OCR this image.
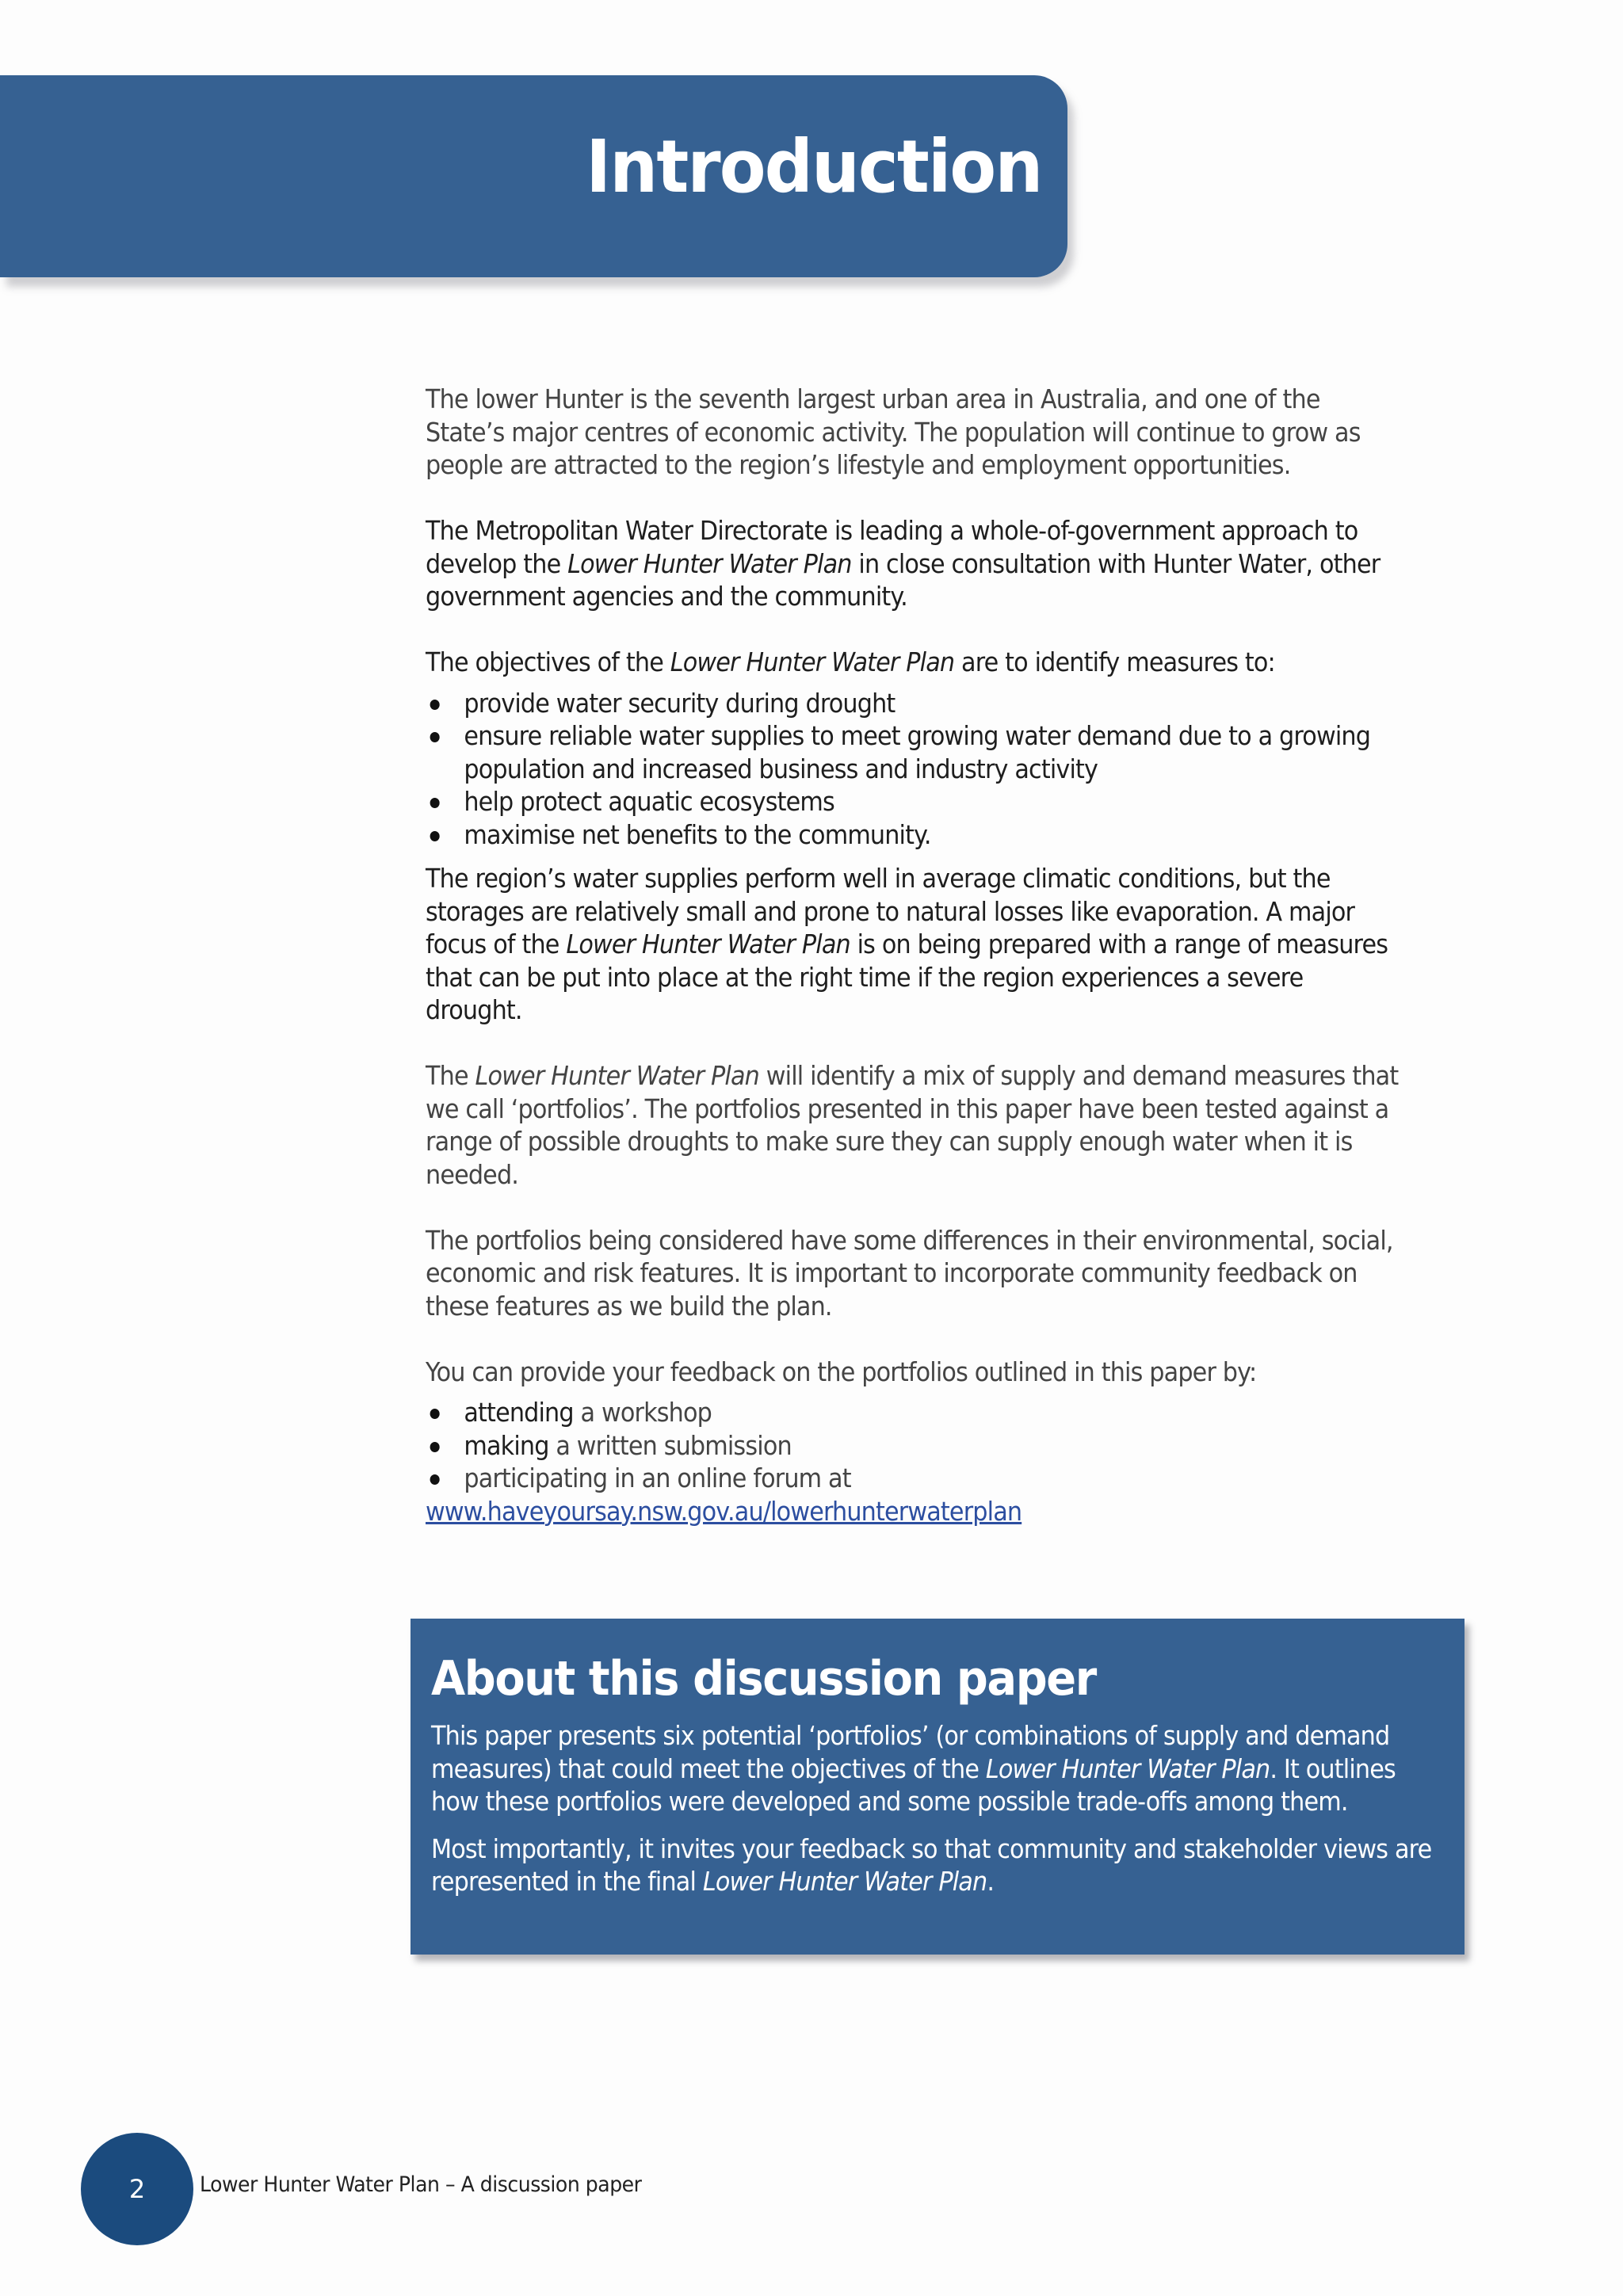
Introduction

The lower Hunter is the seventh largest urban area in Australia, and one of the State’s major centres of economic activity. The population will continue to grow as people are attracted to the region’s lifestyle and employment opportunities.

The Metropolitan Water Directorate is leading a whole-of-government approach to develop the Lower Hunter Water Plan in close consultation with Hunter Water, other government agencies and the community.

The objectives of the Lower Hunter Water Plan are to identify measures to:

provide water security during drought
ensure reliable water supplies to meet growing water demand due to a growing population and increased business and industry activity
help protect aquatic ecosystems
maximise net benefits to the community.

The region’s water supplies perform well in average climatic conditions, but the storages are relatively small and prone to natural losses like evaporation. A major focus of the Lower Hunter Water Plan is on being prepared with a range of measures that can be put into place at the right time if the region experiences a severe drought.

The Lower Hunter Water Plan will identify a mix of supply and demand measures that we call ‘portfolios’. The portfolios presented in this paper have been tested against a range of possible droughts to make sure they can supply enough water when it is needed.

The portfolios being considered have some differences in their environmental, social, economic and risk features. It is important to incorporate community feedback on these features as we build the plan.

You can provide your feedback on the portfolios outlined in this paper by:

attending a workshop
making a written submission
participating in an online forum at
www.haveyoursay.nsw.gov.au/lowerhunterwaterplan
About this discussion paper

This paper presents six potential ‘portfolios’ (or combinations of supply and demand measures) that could meet the objectives of the Lower Hunter Water Plan. It outlines how these portfolios were developed and some possible trade-offs among them.

Most importantly, it invites your feedback so that community and stakeholder views are represented in the final Lower Hunter Water Plan.

2	Lower Hunter Water Plan – A discussion paper
